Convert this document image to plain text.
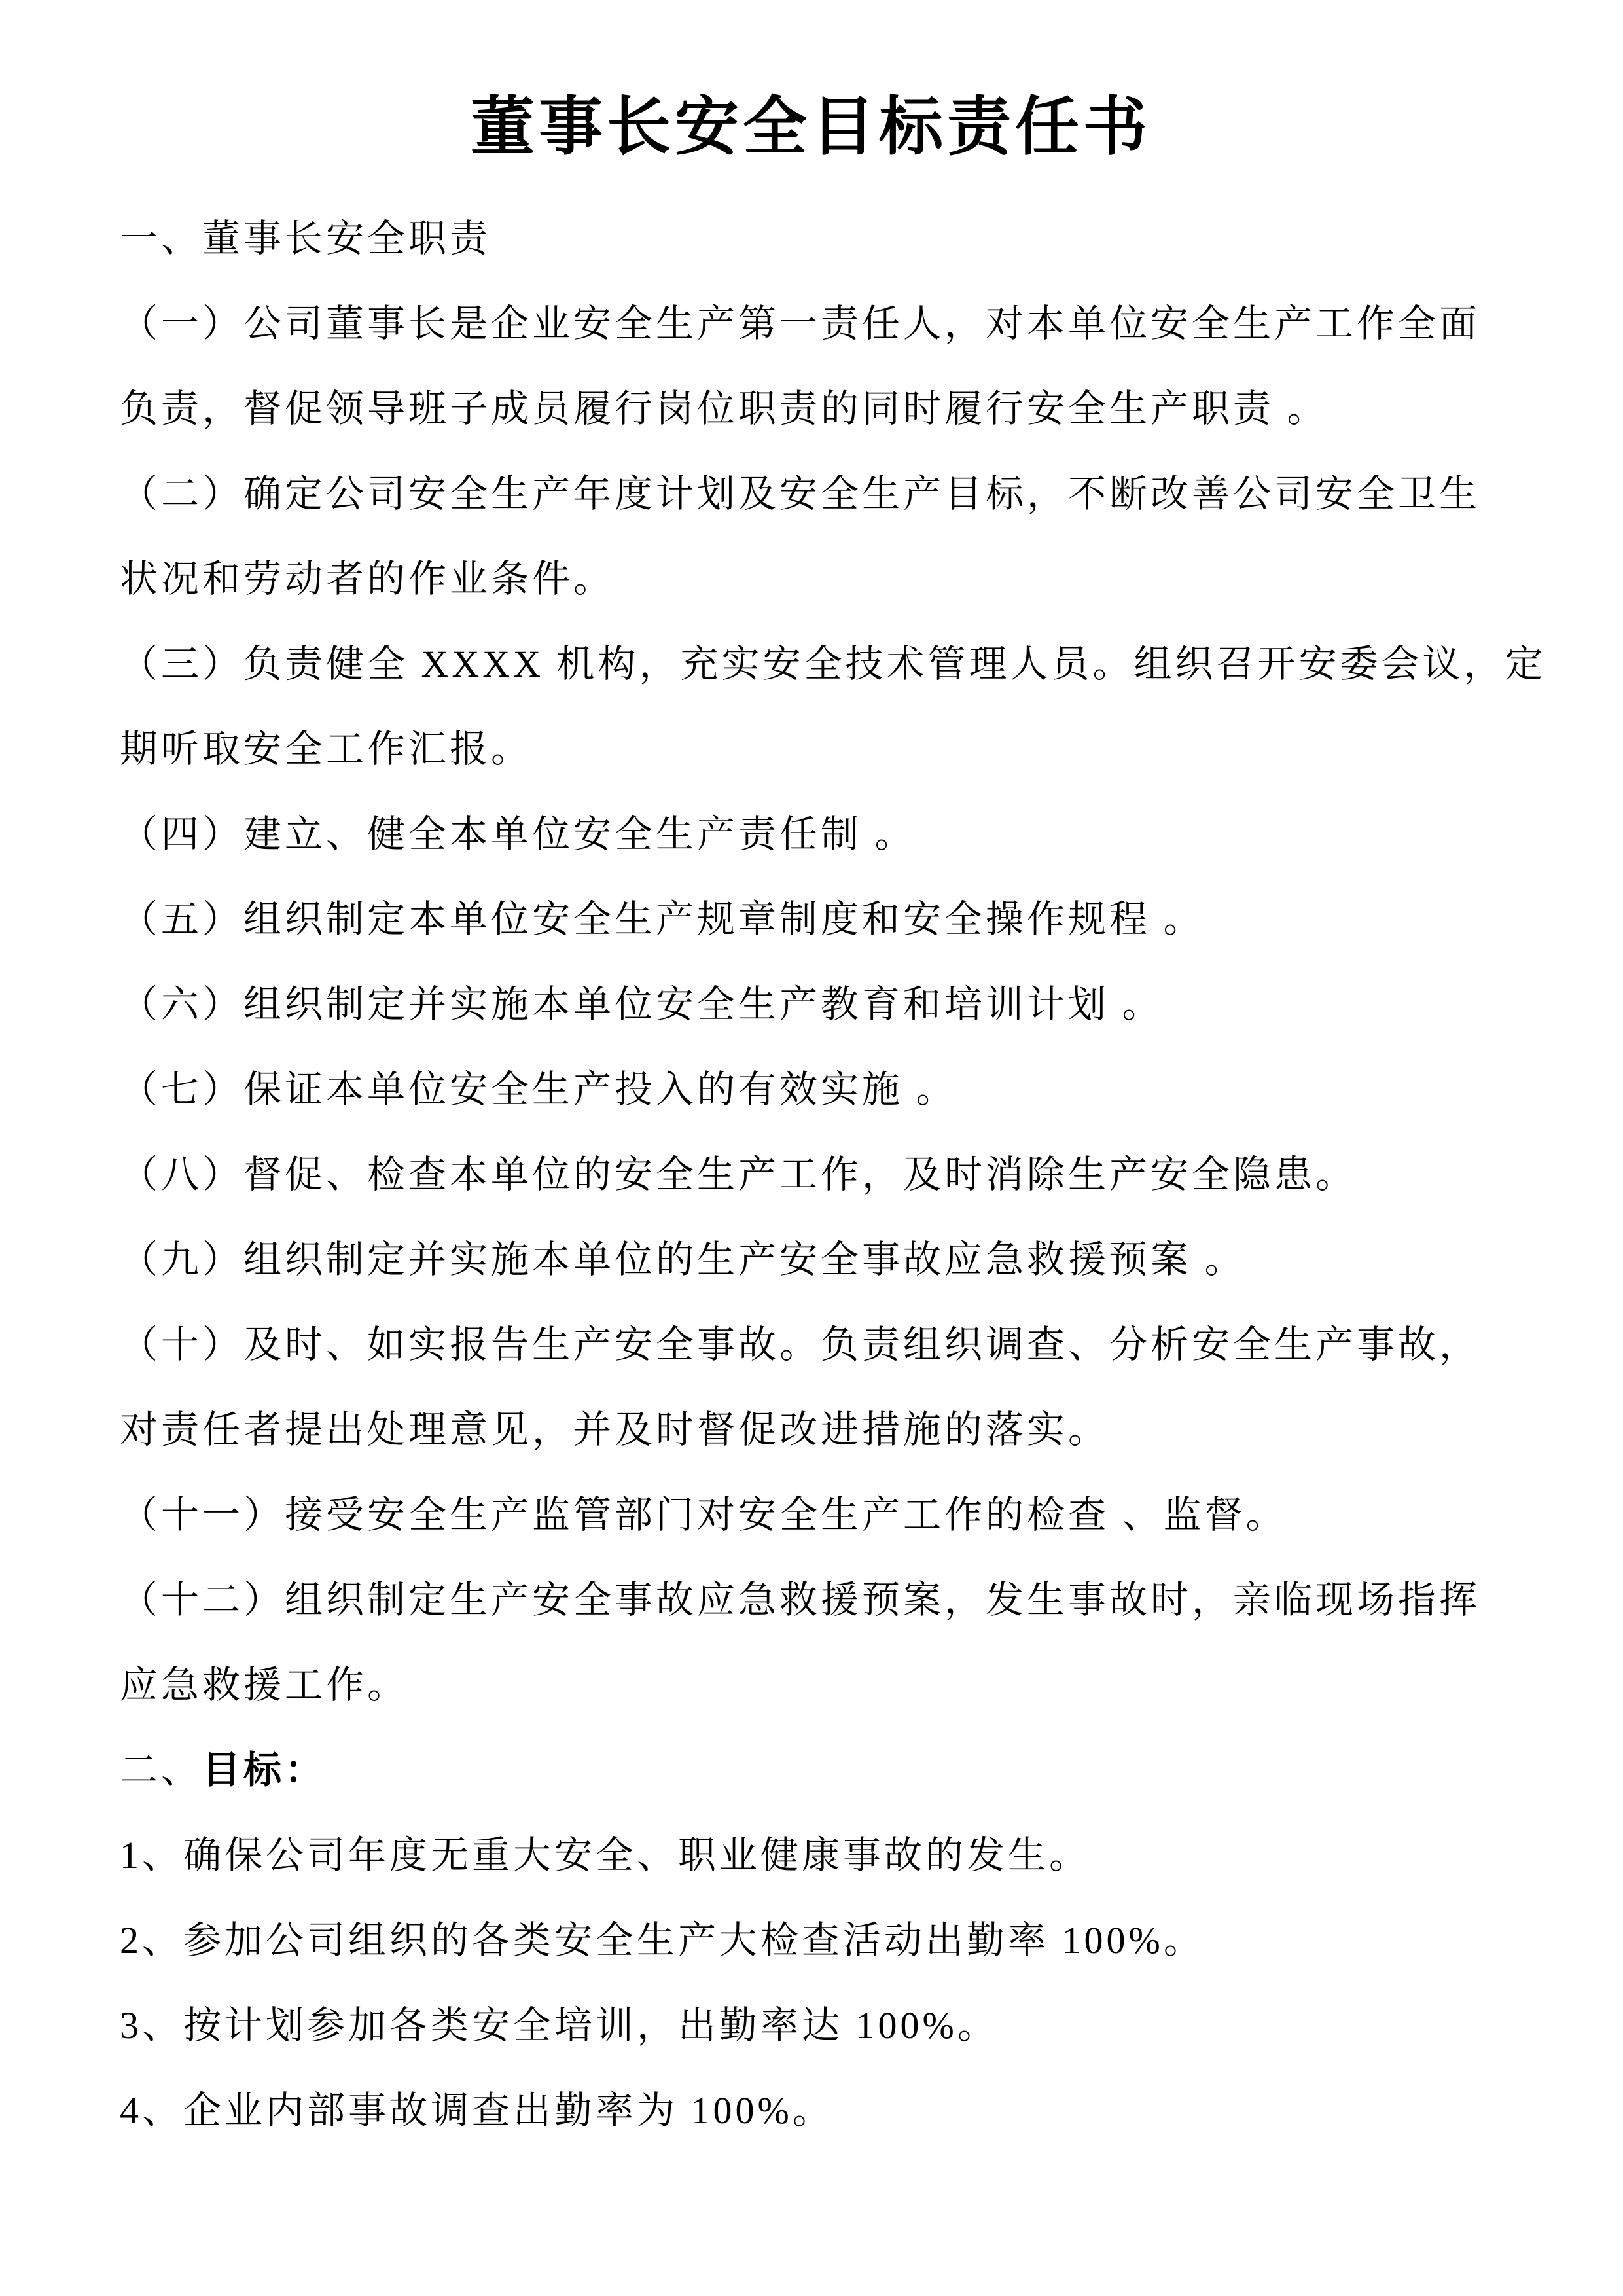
董事长安全目标责任书
一、董事长安全职责
（一）公司董事长是企业安全生产第一责任人，对本单位安全生产工作全面
负责，督促领导班子成员履行岗位职责的同时履行安全生产职责 。
（二）确定公司安全生产年度计划及安全生产目标，不断改善公司安全卫生
状况和劳动者的作业条件。
（三）负责健全 XXXX 机构，充实安全技术管理人员。组织召开安委会议，定
期听取安全工作汇报。
（四）建立、健全本单位安全生产责任制 。
（五）组织制定本单位安全生产规章制度和安全操作规程 。
（六）组织制定并实施本单位安全生产教育和培训计划 。
（七）保证本单位安全生产投入的有效实施 。
（八）督促、检查本单位的安全生产工作，及时消除生产安全隐患。
（九）组织制定并实施本单位的生产安全事故应急救援预案 。
（十）及时、如实报告生产安全事故。负责组织调查、分析安全生产事故，
对责任者提出处理意见，并及时督促改进措施的落实。
（十一）接受安全生产监管部门对安全生产工作的检查 、监督。
（十二）组织制定生产安全事故应急救援预案，发生事故时，亲临现场指挥
应急救援工作。
二、目标：
1、确保公司年度无重大安全、职业健康事故的发生。
2、参加公司组织的各类安全生产大检查活动出勤率 100%。
3、按计划参加各类安全培训，出勤率达 100%。
4、企业内部事故调查出勤率为 100%。
